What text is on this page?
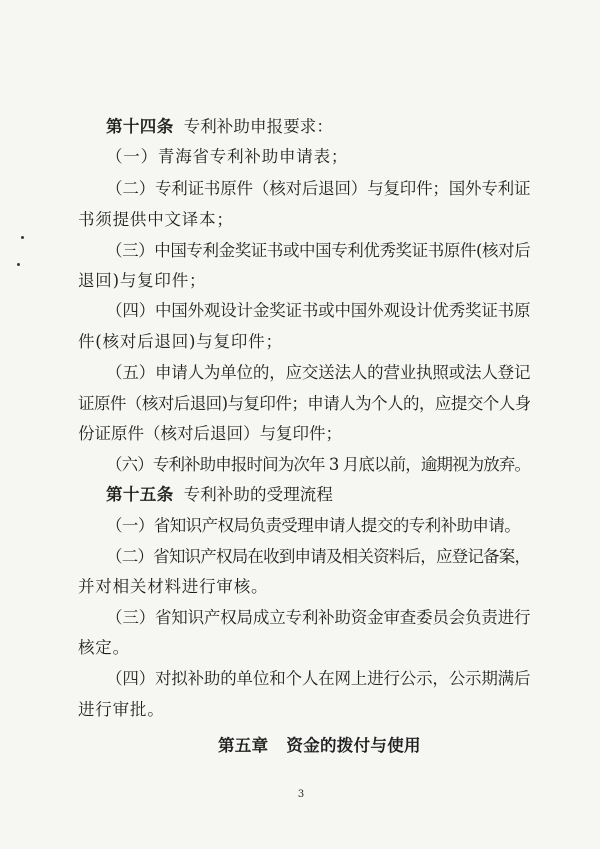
第十四条 专利补助申报要求：
（一）青海省专利补助申请表；
（二）专利证书原件（核对后退回）与复印件；国外专利证
书须提供中文译本；
（三）中国专利金奖证书或中国专利优秀奖证书原件(核对后
退回)与复印件；
（四）中国外观设计金奖证书或中国外观设计优秀奖证书原
件(核对后退回)与复印件；
（五）申请人为单位的，应交送法人的营业执照或法人登记
证原件（核对后退回)与复印件；申请人为个人的，应提交个人身
份证原件（核对后退回）与复印件；
（六）专利补助申报时间为次年 3 月底以前，逾期视为放弃。
第十五条 专利补助的受理流程
（一）省知识产权局负责受理申请人提交的专利补助申请。
（二）省知识产权局在收到申请及相关资料后，应登记备案，
并对相关材料进行审核。
（三）省知识产权局成立专利补助资金审查委员会负责进行
核定。
（四）对拟补助的单位和个人在网上进行公示，公示期满后
进行审批。
第五章 资金的拨付与使用
3
